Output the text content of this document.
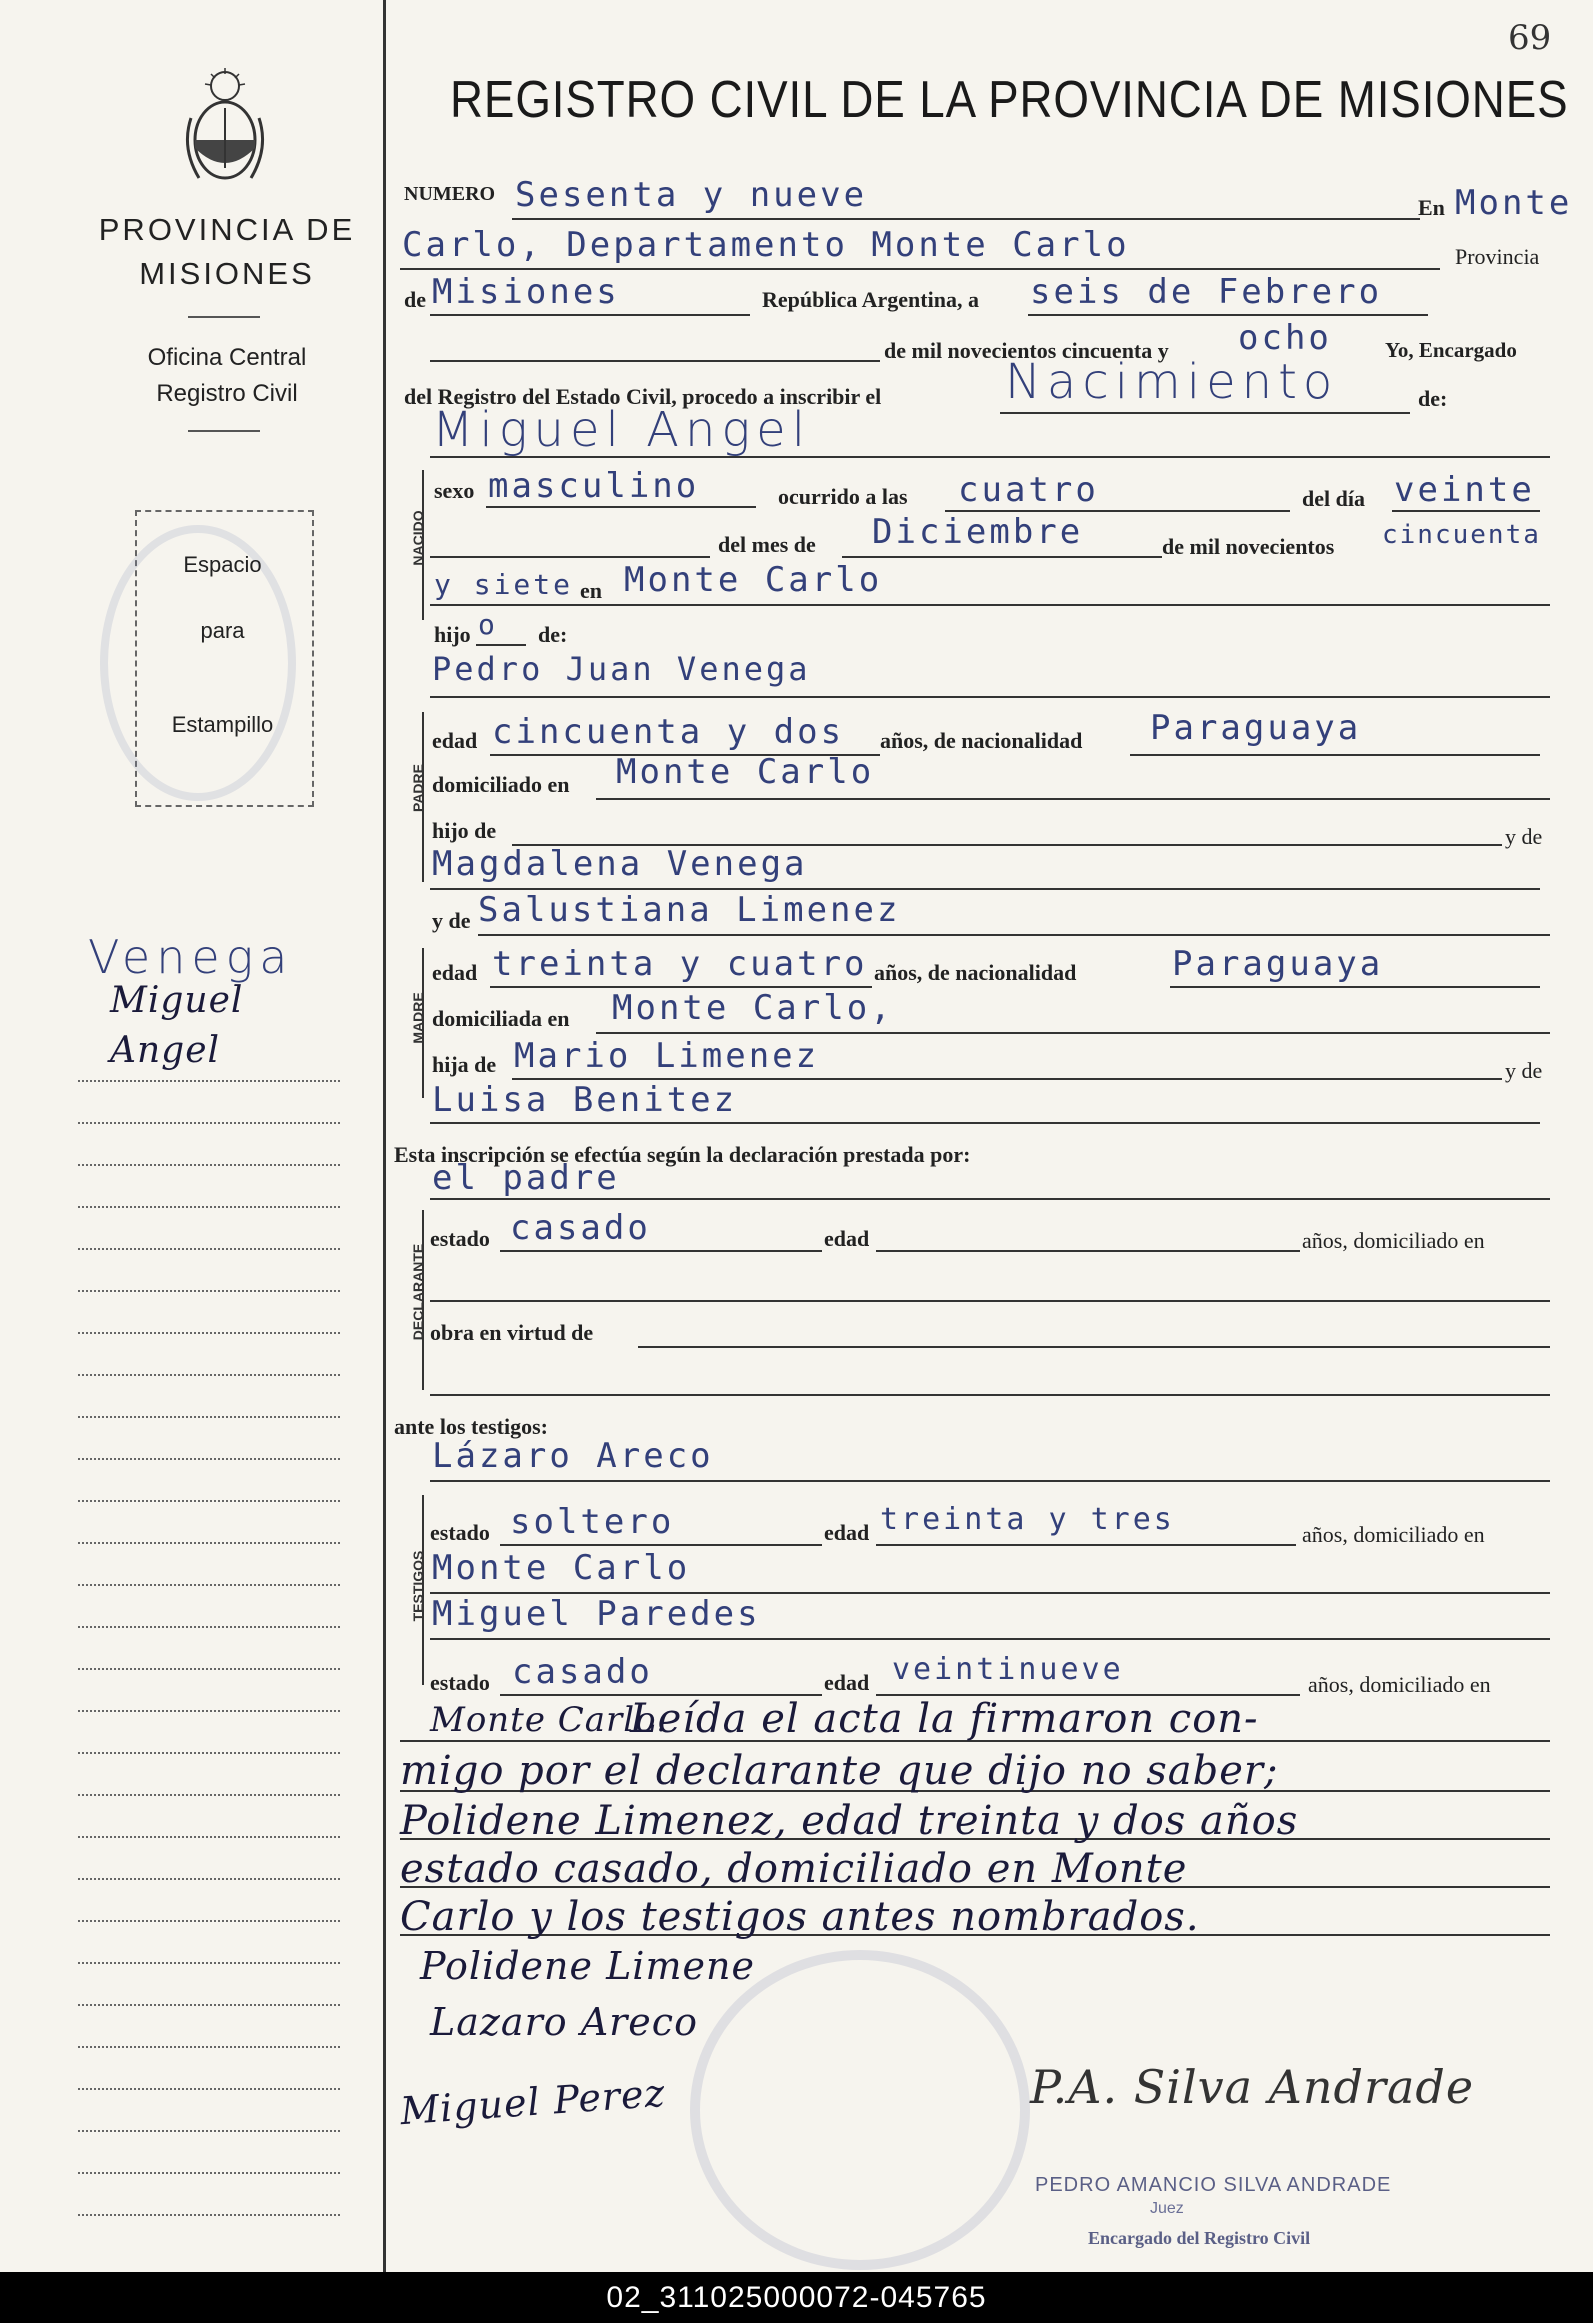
69
PROVINCIA DE MISIONES
Oficina Central
Registro Civil
Espacio
para
Estampillo
Venega
Miguel
Angel
REGISTRO CIVIL DE LA PROVINCIA DE MISIONES
NUMERO Sesenta y nueve	En Monte
Carlo, Departamento Monte Carlo	Provincia
de Misiones	República Argentina, a seis de Febrero
de mil novecientos cincuenta y ocho	Yo, Encargado
del Registro del Estado Civil, procedo a inscribir el	Nacimiento	de:
NACIDO
Miguel Angel
sexo masculino	ocurrido a las cuatro	del día veinte
del mes de Diciembre	de mil novecientos cincuenta
y siete en Monte Carlo
hijo o de:
Pedro Juan Venega
PADRE
edad cincuenta y dos años, de nacionalidad Paraguaya
domiciliado en Monte Carlo
hijo de	y de
Magdalena Venega
y de Salustiana Limenez
MADRE
edad treinta y cuatro años, de nacionalidad	Paraguaya
domiciliada en Monte Carlo,
hija de Mario Limenez	y de
Luisa Benitez
Esta inscripción se efectúa según la declaración prestada por:
el padre
DECLARANTE
estado casado	edad	años, domiciliado en
obra en virtud de
ante los testigos:
Lázaro Areco
TESTIGOS
estado soltero	edad treinta y tres	años, domiciliado en
Monte Carlo
Miguel Paredes
estado casado	edad veintinueve	años, domiciliado en
Monte Carlo.
Leída el acta la firmaron con-
migo por el declarante que dijo no saber;
Polidene Limenez, edad treinta y dos años
estado casado, domiciliado en Monte
Carlo y los testigos antes nombrados.
Polidene Limene
Lazaro Areco
Miguel Perez	P.A. Silva Andrade
PEDRO AMANCIO SILVA ANDRADE
Juez
Encargado del Registro Civil
02_311025000072-045765
